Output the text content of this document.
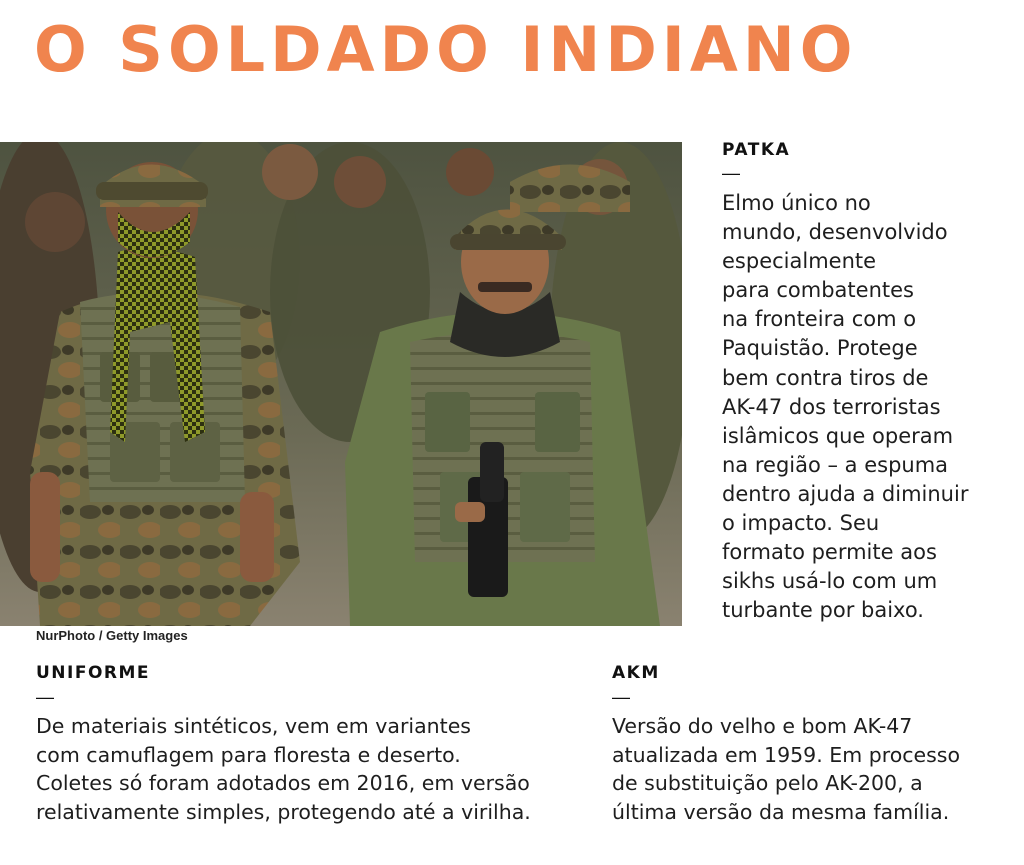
O SOLDADO INDIANO
NurPhoto / Getty Images
PATKA
—
Elmo único no
mundo, desenvolvido
especialmente
para combatentes
na fronteira com o
Paquistão. Protege
bem contra tiros de
AK-47 dos terroristas
islâmicos que operam
na região – a espuma
dentro ajuda a diminuir
o impacto. Seu
formato permite aos
sikhs usá-lo com um
turbante por baixo.
UNIFORME
—
De materiais sintéticos, vem em variantes
com camuflagem para floresta e deserto.
Coletes só foram adotados em 2016, em versão
relativamente simples, protegendo até a virilha.
AKM
—
Versão do velho e bom AK-47
atualizada em 1959. Em processo
de substituição pelo AK-200, a
última versão da mesma família.
